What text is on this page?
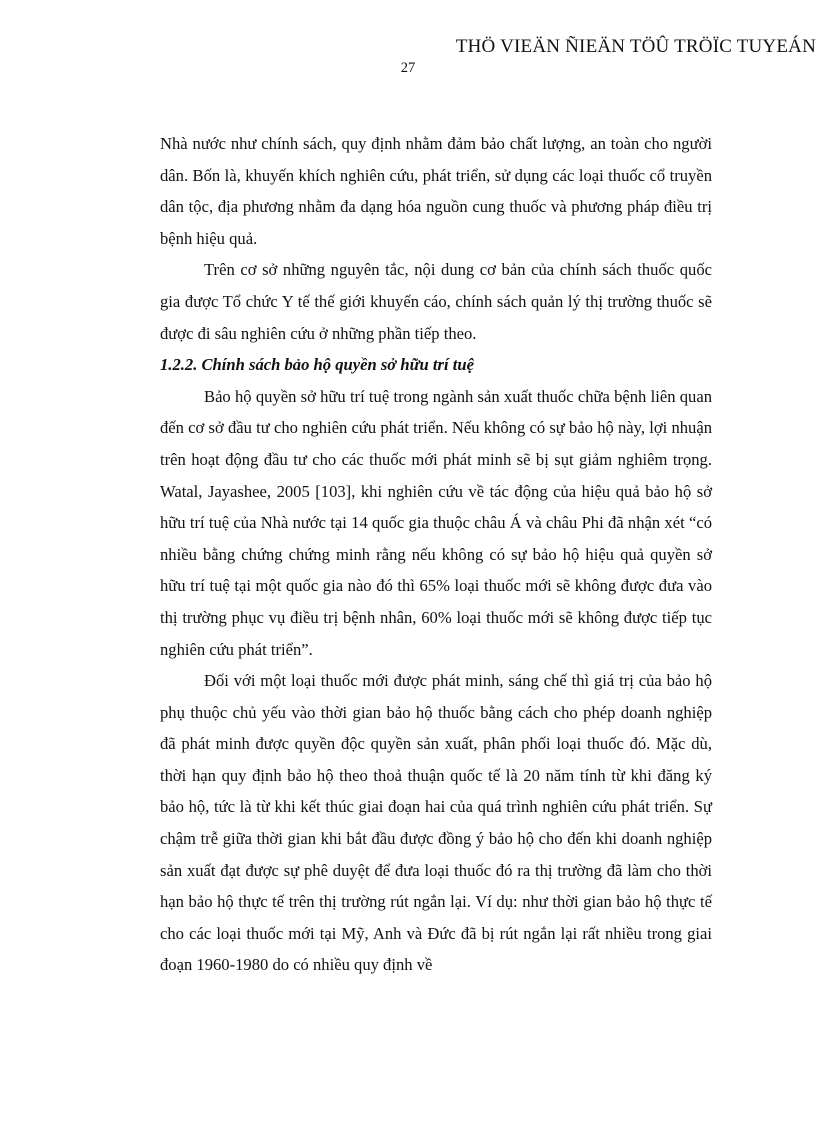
THÖ VIEÄN ÑIEÄN TÖÛ TRÖÏC TUYEÁN
27

Nhà nước như chính sách, quy định nhằm đảm bảo chất lượng, an toàn cho người dân. Bốn là, khuyến khích nghiên cứu, phát triển, sử dụng các loại thuốc cổ truyền dân tộc, địa phương nhằm đa dạng hóa nguồn cung thuốc và phương pháp điều trị bệnh hiệu quả.

Trên cơ sở những nguyên tắc, nội dung cơ bản của chính sách thuốc quốc gia được Tổ chức Y tế thế giới khuyến cáo, chính sách quản lý thị trường thuốc sẽ được đi sâu nghiên cứu ở những phần tiếp theo.

1.2.2. Chính sách bảo hộ quyền sở hữu trí tuệ

Bảo hộ quyền sở hữu trí tuệ trong ngành sản xuất thuốc chữa bệnh liên quan đến cơ sở đầu tư cho nghiên cứu phát triển. Nếu không có sự bảo hộ này, lợi nhuận trên hoạt động đầu tư cho các thuốc mới phát minh sẽ bị sụt giảm nghiêm trọng. Watal, Jayashee, 2005 [103], khi nghiên cứu về tác động của hiệu quả bảo hộ sở hữu trí tuệ của Nhà nước tại 14 quốc gia thuộc châu Á và châu Phi đã nhận xét “có nhiều bằng chứng chứng minh rằng nếu không có sự bảo hộ hiệu quả quyền sở hữu trí tuệ tại một quốc gia nào đó thì 65% loại thuốc mới sẽ không được đưa vào thị trường phục vụ điều trị bệnh nhân, 60% loại thuốc mới sẽ không được tiếp tục nghiên cứu phát triển”.

Đối với một loại thuốc mới được phát minh, sáng chế thì giá trị của bảo hộ phụ thuộc chủ yếu vào thời gian bảo hộ thuốc bằng cách cho phép doanh nghiệp đã phát minh được quyền độc quyền sản xuất, phân phối loại thuốc đó. Mặc dù, thời hạn quy định bảo hộ theo thoả thuận quốc tế là 20 năm tính từ khi đăng ký bảo hộ, tức là từ khi kết thúc giai đoạn hai của quá trình nghiên cứu phát triển. Sự chậm trễ giữa thời gian khi bắt đầu được đồng ý bảo hộ cho đến khi doanh nghiệp sản xuất đạt được sự phê duyệt để đưa loại thuốc đó ra thị trường đã làm cho thời hạn bảo hộ thực tế trên thị trường rút ngắn lại. Ví dụ: như thời gian bảo hộ thực tế cho các loại thuốc mới tại Mỹ, Anh và Đức đã bị rút ngắn lại rất nhiều trong giai đoạn 1960-1980 do có nhiều quy định về
